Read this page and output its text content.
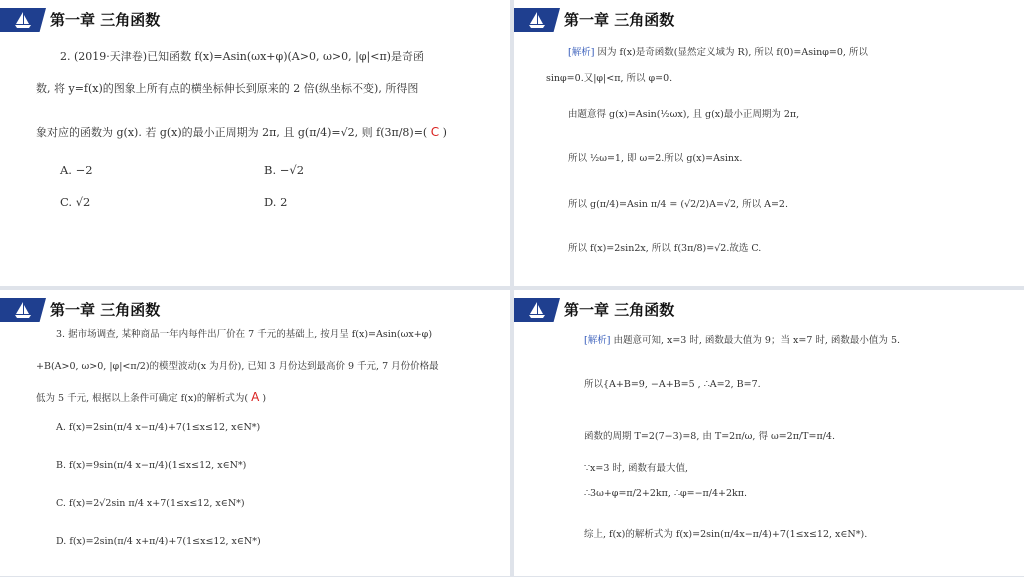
第一章 三角函数
2. (2019·天津卷)已知函数 f(x)=Asin(ωx+φ)(A>0, ω>0, |φ|<π)是奇函
数, 将 y=f(x)的图象上所有点的横坐标伸长到原来的 2 倍(纵坐标不变), 所得图
象对应的函数为 g(x). 若 g(x)的最小正周期为 2π, 且 g(π/4)=√2, 则 f(3π/8)=( C )
A. −2	B. −√2
C. √2	D. 2
第一章 三角函数
[解析] 因为 f(x)是奇函数(显然定义域为 R), 所以 f(0)=Asinφ=0, 所以
sinφ=0.又|φ|<π, 所以 φ=0.
由题意得 g(x)=Asin(½ωx), 且 g(x)最小正周期为 2π,
所以 ½ω=1, 即 ω=2.所以 g(x)=Asinx.
所以 g(π/4)=Asin π/4 = (√2/2)A=√2, 所以 A=2.
所以 f(x)=2sin2x, 所以 f(3π/8)=√2.故选 C.
第一章 三角函数
3. 据市场调查, 某种商品一年内每件出厂价在 7 千元的基础上, 按月呈 f(x)=Asin(ωx+φ)
+B(A>0, ω>0, |φ|<π/2)的模型波动(x 为月份), 已知 3 月份达到最高价 9 千元, 7 月份价格最
低为 5 千元, 根据以上条件可确定 f(x)的解析式为( A )
A. f(x)=2sin(π/4 x−π/4)+7(1≤x≤12, x∈N*)
B. f(x)=9sin(π/4 x−π/4)(1≤x≤12, x∈N*)
C. f(x)=2√2sin π/4 x+7(1≤x≤12, x∈N*)
D. f(x)=2sin(π/4 x+π/4)+7(1≤x≤12, x∈N*)
第一章 三角函数
[解析] 由题意可知, x=3 时, 函数最大值为 9；当 x=7 时, 函数最小值为 5.
所以{A+B=9, −A+B=5 , ∴A=2, B=7.
函数的周期 T=2(7−3)=8, 由 T=2π/ω, 得 ω=2π/T=π/4.
∵x=3 时, 函数有最大值,
∴3ω+φ=π/2+2kπ, ∴φ=−π/4+2kπ.
综上, f(x)的解析式为 f(x)=2sin(π/4x−π/4)+7(1≤x≤12, x∈N*).
